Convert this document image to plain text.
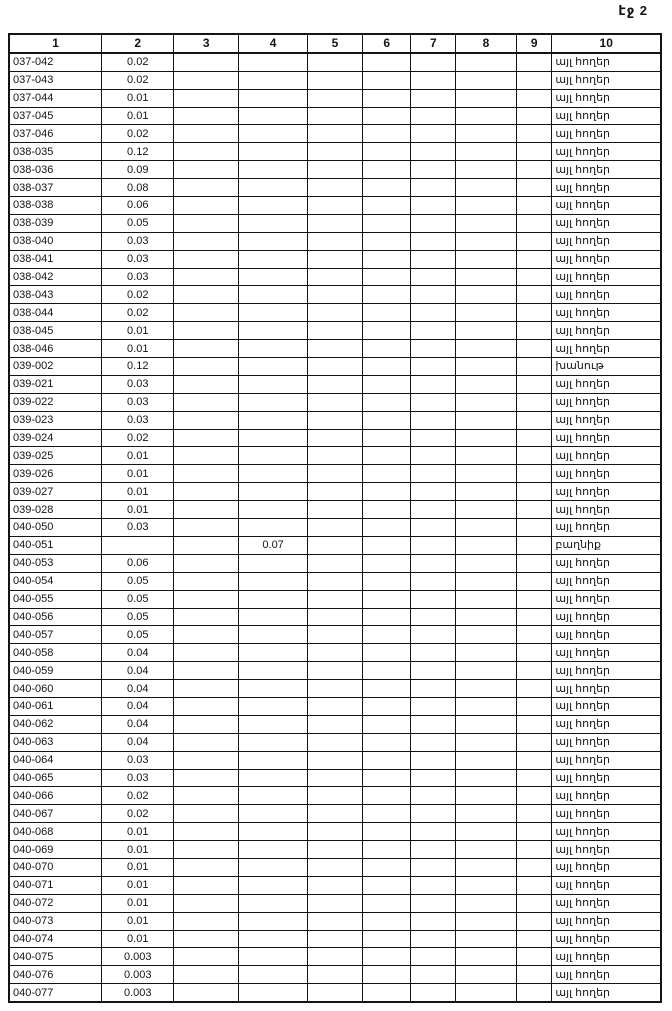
էջ 2
1	2	3	4	5	6	7	8	9	10
037-042	0.02								այլ հողեր
037-043	0.02								այլ հողեր
037-044	0.01								այլ հողեր
037-045	0.01								այլ հողեր
037-046	0.02								այլ հողեր
038-035	0.12								այլ հողեր
038-036	0.09								այլ հողեր
038-037	0.08								այլ հողեր
038-038	0.06								այլ հողեր
038-039	0.05								այլ հողեր
038-040	0.03								այլ հողեր
038-041	0.03								այլ հողեր
038-042	0.03								այլ հողեր
038-043	0.02								այլ հողեր
038-044	0.02								այլ հողեր
038-045	0.01								այլ հողեր
038-046	0.01								այլ հողեր
039-002	0.12								խանութ
039-021	0.03								այլ հողեր
039-022	0.03								այլ հողեր
039-023	0.03								այլ հողեր
039-024	0.02								այլ հողեր
039-025	0.01								այլ հողեր
039-026	0.01								այլ հողեր
039-027	0.01								այլ հողեր
039-028	0.01								այլ հողեր
040-050	0.03								այլ հողեր
040-051			0.07						բաղնիք
040-053	0.06								այլ հողեր
040-054	0.05								այլ հողեր
040-055	0.05								այլ հողեր
040-056	0.05								այլ հողեր
040-057	0.05								այլ հողեր
040-058	0.04								այլ հողեր
040-059	0.04								այլ հողեր
040-060	0.04								այլ հողեր
040-061	0.04								այլ հողեր
040-062	0.04								այլ հողեր
040-063	0.04								այլ հողեր
040-064	0.03								այլ հողեր
040-065	0.03								այլ հողեր
040-066	0.02								այլ հողեր
040-067	0.02								այլ հողեր
040-068	0.01								այլ հողեր
040-069	0.01								այլ հողեր
040-070	0.01								այլ հողեր
040-071	0.01								այլ հողեր
040-072	0.01								այլ հողեր
040-073	0.01								այլ հողեր
040-074	0.01								այլ հողեր
040-075	0.003								այլ հողեր
040-076	0.003								այլ հողեր
040-077	0.003								այլ հողեր
